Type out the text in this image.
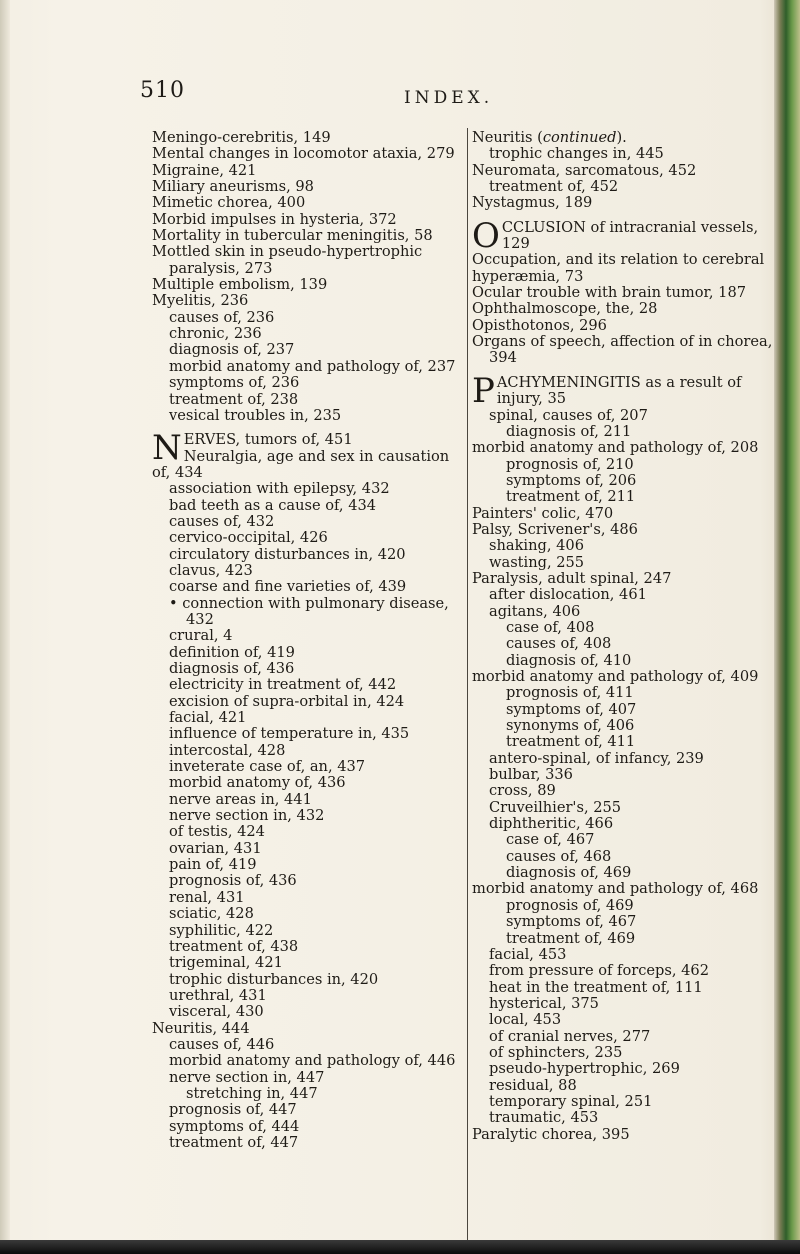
510	INDEX.
Meningo-cerebritis, 149
Mental changes in locomotor ataxia, 279
Migraine, 421
Miliary aneurisms, 98
Mimetic chorea, 400
Morbid impulses in hysteria, 372
Mortality in tubercular meningitis, 58
Mottled skin in pseudo-hypertrophic paralysis, 273
Multiple embolism, 139
Myelitis, 236
causes of, 236
chronic, 236
diagnosis of, 237
morbid anatomy and pathology of, 237
symptoms of, 236
treatment of, 238
vesical troubles in, 235
N ERVES, tumors of, 451
Neuralgia, age and sex in causation of, 434
association with epilepsy, 432
bad teeth as a cause of, 434
causes of, 432
cervico-occipital, 426
circulatory disturbances in, 420
clavus, 423
coarse and fine varieties of, 439
• connection with pulmonary disease, 432
crural, 4
definition of, 419
diagnosis of, 436
electricity in treatment of, 442
excision of supra-orbital in, 424
facial, 421
influence of temperature in, 435
intercostal, 428
inveterate case of, an, 437
morbid anatomy of, 436
nerve areas in, 441
nerve section in, 432
of testis, 424
ovarian, 431
pain of, 419
prognosis of, 436
renal, 431
sciatic, 428
syphilitic, 422
treatment of, 438
trigeminal, 421
trophic disturbances in, 420
urethral, 431
visceral, 430
Neuritis, 444
causes of, 446
morbid anatomy and pathology of, 446
nerve section in, 447
stretching in, 447
prognosis of, 447
symptoms of, 444
treatment of, 447
Neuritis (continued).
trophic changes in, 445
Neuromata, sarcomatous, 452
treatment of, 452
Nystagmus, 189
O CCLUSION of intracranial vessels, 129
Occupation, and its relation to cerebral hyperæmia, 73
Ocular trouble with brain tumor, 187
Ophthalmoscope, the, 28
Opisthotonos, 296
Organs of speech, affection of in chorea, 394
P ACHYMENINGITIS as a result of injury, 35
spinal, causes of, 207
diagnosis of, 211
morbid anatomy and pathology of, 208
prognosis of, 210
symptoms of, 206
treatment of, 211
Painters' colic, 470
Palsy, Scrivener's, 486
shaking, 406
wasting, 255
Paralysis, adult spinal, 247
after dislocation, 461
agitans, 406
case of, 408
causes of, 408
diagnosis of, 410
morbid anatomy and pathology of, 409
prognosis of, 411
symptoms of, 407
synonyms of, 406
treatment of, 411
antero-spinal, of infancy, 239
bulbar, 336
cross, 89
Cruveilhier's, 255
diphtheritic, 466
case of, 467
causes of, 468
diagnosis of, 469
morbid anatomy and pathology of, 468
prognosis of, 469
symptoms of, 467
treatment of, 469
facial, 453
from pressure of forceps, 462
heat in the treatment of, 111
hysterical, 375
local, 453
of cranial nerves, 277
of sphincters, 235
pseudo-hypertrophic, 269
residual, 88
temporary spinal, 251
traumatic, 453
Paralytic chorea, 395
